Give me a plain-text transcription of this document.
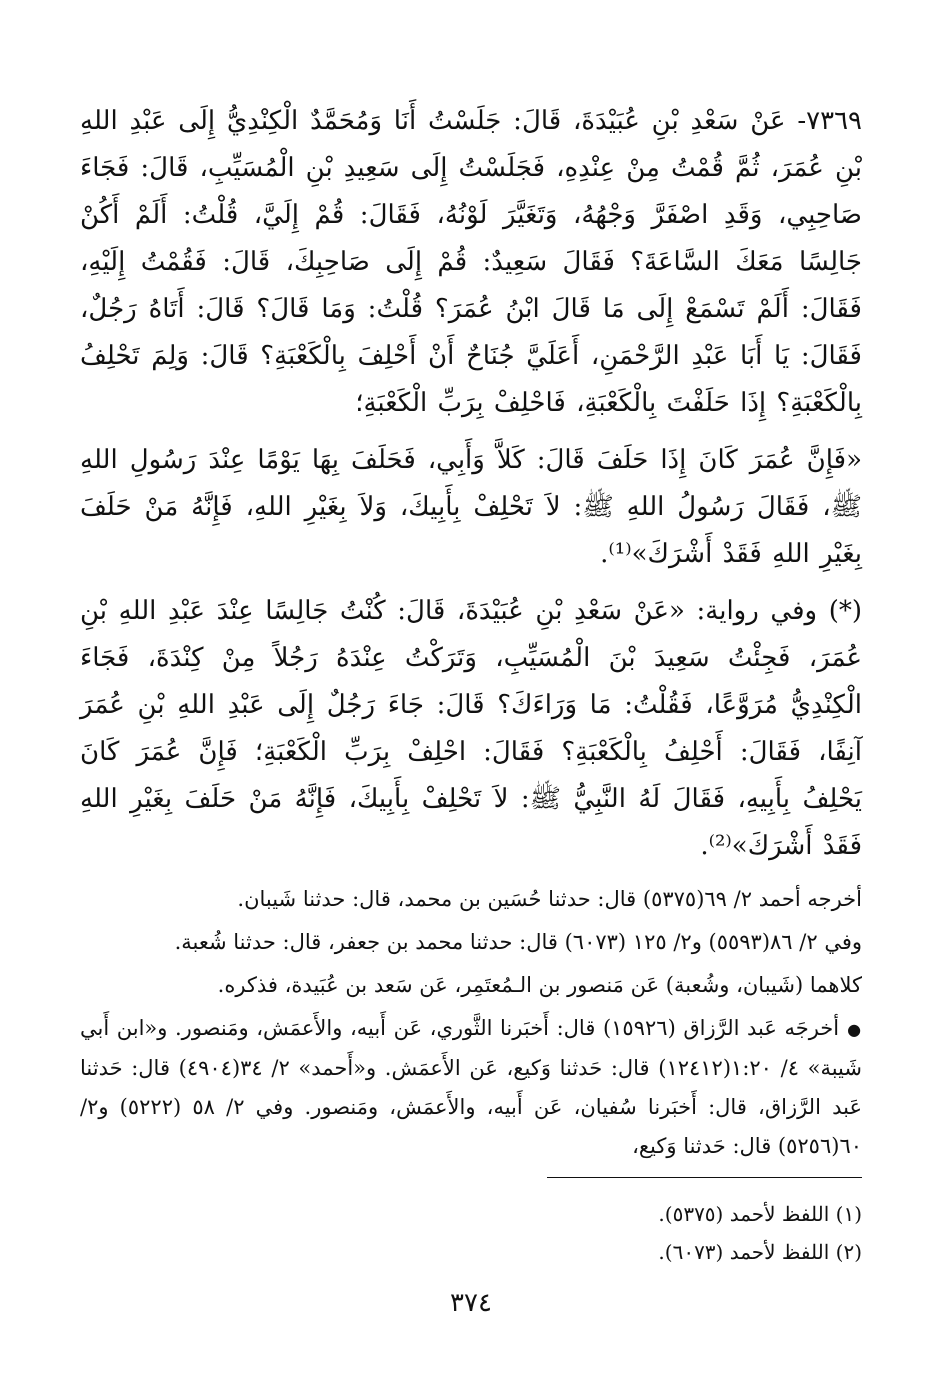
٧٣٦٩- عَنْ سَعْدِ بْنِ عُبَيْدَةَ، قَالَ: جَلَسْتُ أَنَا وَمُحَمَّدٌ الْكِنْدِيُّ إِلَى عَبْدِ اللهِ بْنِ عُمَرَ، ثُمَّ قُمْتُ مِنْ عِنْدِهِ، فَجَلَسْتُ إِلَى سَعِيدِ بْنِ الْمُسَيِّبِ، قَالَ: فَجَاءَ صَاحِبِي، وَقَدِ اصْفَرَّ وَجْهُهُ، وَتَغَيَّرَ لَوْنُهُ، فَقَالَ: قُمْ إِلَيَّ، قُلْتُ: أَلَمْ أَكُنْ جَالِسًا مَعَكَ السَّاعَةَ؟ فَقَالَ سَعِيدٌ: قُمْ إِلَى صَاحِبِكَ، قَالَ: فَقُمْتُ إِلَيْهِ، فَقَالَ: أَلَمْ تَسْمَعْ إِلَى مَا قَالَ ابْنُ عُمَرَ؟ قُلْتُ: وَمَا قَالَ؟ قَالَ: أَتَاهُ رَجُلٌ، فَقَالَ: يَا أَبَا عَبْدِ الرَّحْمَنِ، أَعَلَيَّ جُنَاحٌ أَنْ أَحْلِفَ بِالْكَعْبَةِ؟ قَالَ: وَلِمَ تَحْلِفُ بِالْكَعْبَةِ؟ إِذَا حَلَفْتَ بِالْكَعْبَةِ، فَاحْلِفْ بِرَبِّ الْكَعْبَةِ؛

«فَإِنَّ عُمَرَ كَانَ إِذَا حَلَفَ قَالَ: كَلاَّ وَأَبِي، فَحَلَفَ بِهَا يَوْمًا عِنْدَ رَسُولِ اللهِ ﷺ، فَقَالَ رَسُولُ اللهِ ﷺ: لاَ تَحْلِفْ بِأَبِيكَ، وَلاَ بِغَيْرِ اللهِ، فَإِنَّهُ مَنْ حَلَفَ بِغَيْرِ اللهِ فَقَدْ أَشْرَكَ»⁽¹⁾.

(*) وفي رواية: «عَنْ سَعْدِ بْنِ عُبَيْدَةَ، قَالَ: كُنْتُ جَالِسًا عِنْدَ عَبْدِ اللهِ بْنِ عُمَرَ، فَجِئْتُ سَعِيدَ بْنَ الْمُسَيِّبِ، وَتَرَكْتُ عِنْدَهُ رَجُلاً مِنْ كِنْدَةَ، فَجَاءَ الْكِنْدِيُّ مُرَوَّعًا، فَقُلْتُ: مَا وَرَاءَكَ؟ قَالَ: جَاءَ رَجُلٌ إِلَى عَبْدِ اللهِ بْنِ عُمَرَ آنِفًا، فَقَالَ: أَحْلِفُ بِالْكَعْبَةِ؟ فَقَالَ: احْلِفْ بِرَبِّ الْكَعْبَةِ؛ فَإِنَّ عُمَرَ كَانَ يَحْلِفُ بِأَبِيهِ، فَقَالَ لَهُ النَّبِيُّ ﷺ: لاَ تَحْلِفْ بِأَبِيكَ، فَإِنَّهُ مَنْ حَلَفَ بِغَيْرِ اللهِ فَقَدْ أَشْرَكَ»⁽²⁾.

أخرجه أحمد ٢/ ٦٩(٥٣٧٥) قال: حدثنا حُسَين بن محمد، قال: حدثنا شَيبان.

وفي ٢/ ٨٦(٥٥٩٣) و٢/ ١٢٥ (٦٠٧٣) قال: حدثنا محمد بن جعفر، قال: حدثنا شُعبة.

كلاهما (شَيبان، وشُعبة) عَن مَنصور بن الـمُعتَمِر، عَن سَعد بن عُبَيدة، فذكره.

●أخرجَه عَبد الرَّزاق (١٥٩٢٦) قال: أَخبَرنا الثَّوري، عَن أَبيه، والأَعمَش، ومَنصور. و«ابن أَبي شَيبة» ٤/ ١:٢٠(١٢٤١٢) قال: حَدثنا وَكيع، عَن الأَعمَش. و«أَحمد» ٢/ ٣٤(٤٩٠٤) قال: حَدثنا عَبد الرَّزاق، قال: أَخبَرنا سُفيان، عَن أَبيه، والأَعمَش، ومَنصور. وفي ٢/ ٥٨ (٥٢٢٢) و٢/ ٦٠(٥٢٥٦) قال: حَدثنا وَكيع،

(١) اللفظ لأحمد (٥٣٧٥).
(٢) اللفظ لأحمد (٦٠٧٣).
٣٧٤
